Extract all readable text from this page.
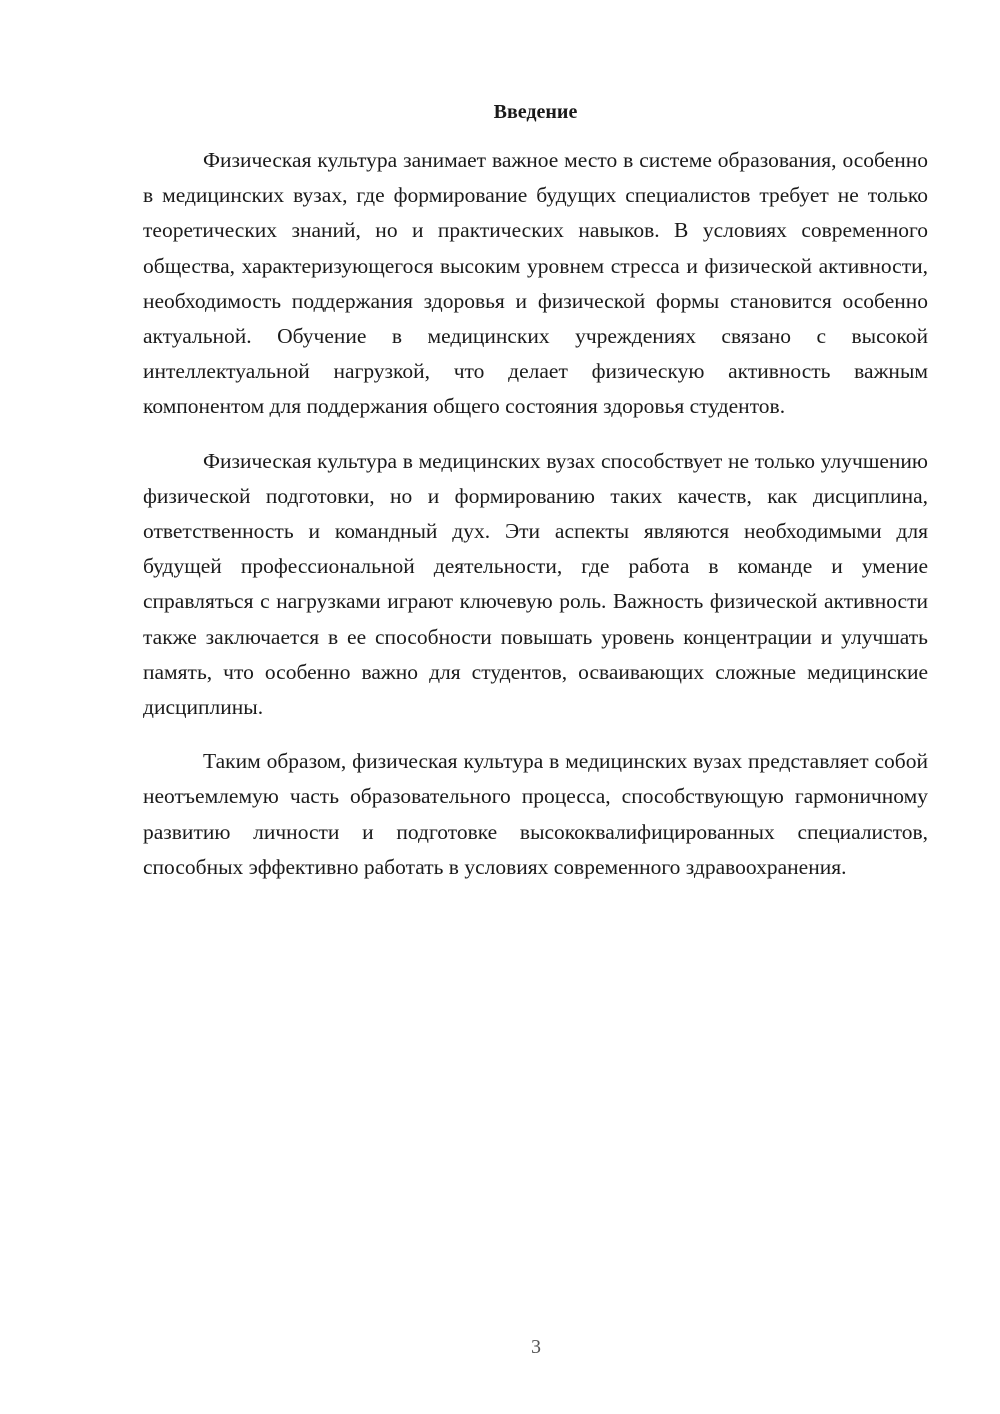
Введение

Физическая культура занимает важное место в системе образования, особенно в медицинских вузах, где формирование будущих специалистов требует не только теоретических знаний, но и практических навыков. В условиях современного общества, характеризующегося высоким уровнем стресса и физической активности, необходимость поддержания здоровья и физической формы становится особенно актуальной. Обучение в медицинских учреждениях связано с высокой интеллектуальной нагрузкой, что делает физическую активность важным компонентом для поддержания общего состояния здоровья студентов.

Физическая культура в медицинских вузах способствует не только улучшению физической подготовки, но и формированию таких качеств, как дисциплина, ответственность и командный дух. Эти аспекты являются необходимыми для будущей профессиональной деятельности, где работа в команде и умение справляться с нагрузками играют ключевую роль. Важность физической активности также заключается в ее способности повышать уровень концентрации и улучшать память, что особенно важно для студентов, осваивающих сложные медицинские дисциплины.

Таким образом, физическая культура в медицинских вузах представляет собой неотъемлемую часть образовательного процесса, способствующую гармоничному развитию личности и подготовке высококвалифицированных специалистов, способных эффективно работать в условиях современного здравоохранения.

3
